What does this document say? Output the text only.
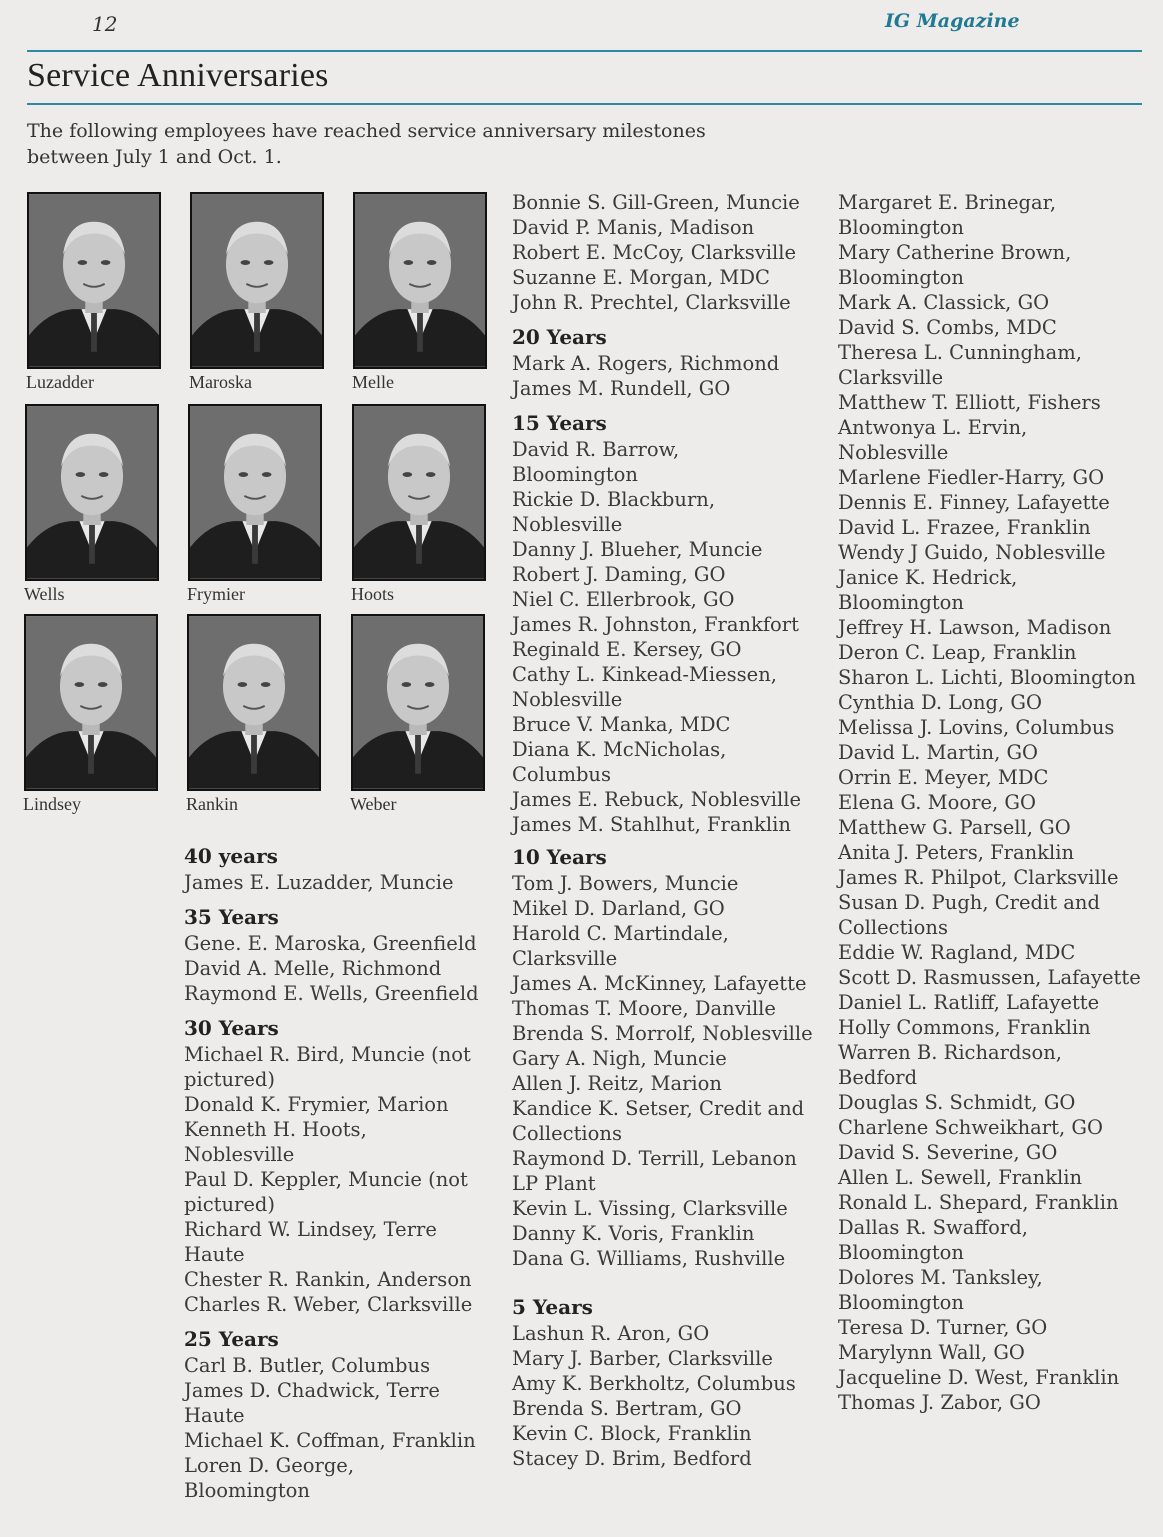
12	IG Magazine
Service Anniversaries
The following employees have reached service anniversary milestones between July 1 and Oct. 1.
Luzadder	Maroska	Melle
Wells	Frymier	Hoots
Lindsey	Rankin	Weber
40 years
James E. Luzadder, Muncie
35 Years
Gene. E. Maroska, Greenfield
David A. Melle, Richmond
Raymond E. Wells, Greenfield
30 Years
Michael R. Bird, Muncie (not
pictured)
Donald K. Frymier, Marion
Kenneth H. Hoots,
Noblesville
Paul D. Keppler, Muncie (not
pictured)
Richard W. Lindsey, Terre
Haute
Chester R. Rankin, Anderson
Charles R. Weber, Clarksville
25 Years
Carl B. Butler, Columbus
James D. Chadwick, Terre
Haute
Michael K. Coffman, Franklin
Loren D. George,
Bloomington
Bonnie S. Gill-Green, Muncie
David P. Manis, Madison
Robert E. McCoy, Clarksville
Suzanne E. Morgan, MDC
John R. Prechtel, Clarksville
20 Years
Mark A. Rogers, Richmond
James M. Rundell, GO
15 Years
David R. Barrow,
Bloomington
Rickie D. Blackburn,
Noblesville
Danny J. Blueher, Muncie
Robert J. Daming, GO
Niel C. Ellerbrook, GO
James R. Johnston, Frankfort
Reginald E. Kersey, GO
Cathy L. Kinkead-Miessen,
Noblesville
Bruce V. Manka, MDC
Diana K. McNicholas,
Columbus
James E. Rebuck, Noblesville
James M. Stahlhut, Franklin
10 Years
Tom J. Bowers, Muncie
Mikel D. Darland, GO
Harold C. Martindale,
Clarksville
James A. McKinney, Lafayette
Thomas T. Moore, Danville
Brenda S. Morrolf, Noblesville
Gary A. Nigh, Muncie
Allen J. Reitz, Marion
Kandice K. Setser, Credit and
Collections
Raymond D. Terrill, Lebanon
LP Plant
Kevin L. Vissing, Clarksville
Danny K. Voris, Franklin
Dana G. Williams, Rushville
5 Years
Lashun R. Aron, GO
Mary J. Barber, Clarksville
Amy K. Berkholtz, Columbus
Brenda S. Bertram, GO
Kevin C. Block, Franklin
Stacey D. Brim, Bedford
Margaret E. Brinegar,
Bloomington
Mary Catherine Brown,
Bloomington
Mark A. Classick, GO
David S. Combs, MDC
Theresa L. Cunningham,
Clarksville
Matthew T. Elliott, Fishers
Antwonya L. Ervin,
Noblesville
Marlene Fiedler-Harry, GO
Dennis E. Finney, Lafayette
David L. Frazee, Franklin
Wendy J Guido, Noblesville
Janice K. Hedrick,
Bloomington
Jeffrey H. Lawson, Madison
Deron C. Leap, Franklin
Sharon L. Lichti, Bloomington
Cynthia D. Long, GO
Melissa J. Lovins, Columbus
David L. Martin, GO
Orrin E. Meyer, MDC
Elena G. Moore, GO
Matthew G. Parsell, GO
Anita J. Peters, Franklin
James R. Philpot, Clarksville
Susan D. Pugh, Credit and
Collections
Eddie W. Ragland, MDC
Scott D. Rasmussen, Lafayette
Daniel L. Ratliff, Lafayette
Holly Commons, Franklin
Warren B. Richardson,
Bedford
Douglas S. Schmidt, GO
Charlene Schweikhart, GO
David S. Severine, GO
Allen L. Sewell, Franklin
Ronald L. Shepard, Franklin
Dallas R. Swafford,
Bloomington
Dolores M. Tanksley,
Bloomington
Teresa D. Turner, GO
Marylynn Wall, GO
Jacqueline D. West, Franklin
Thomas J. Zabor, GO
